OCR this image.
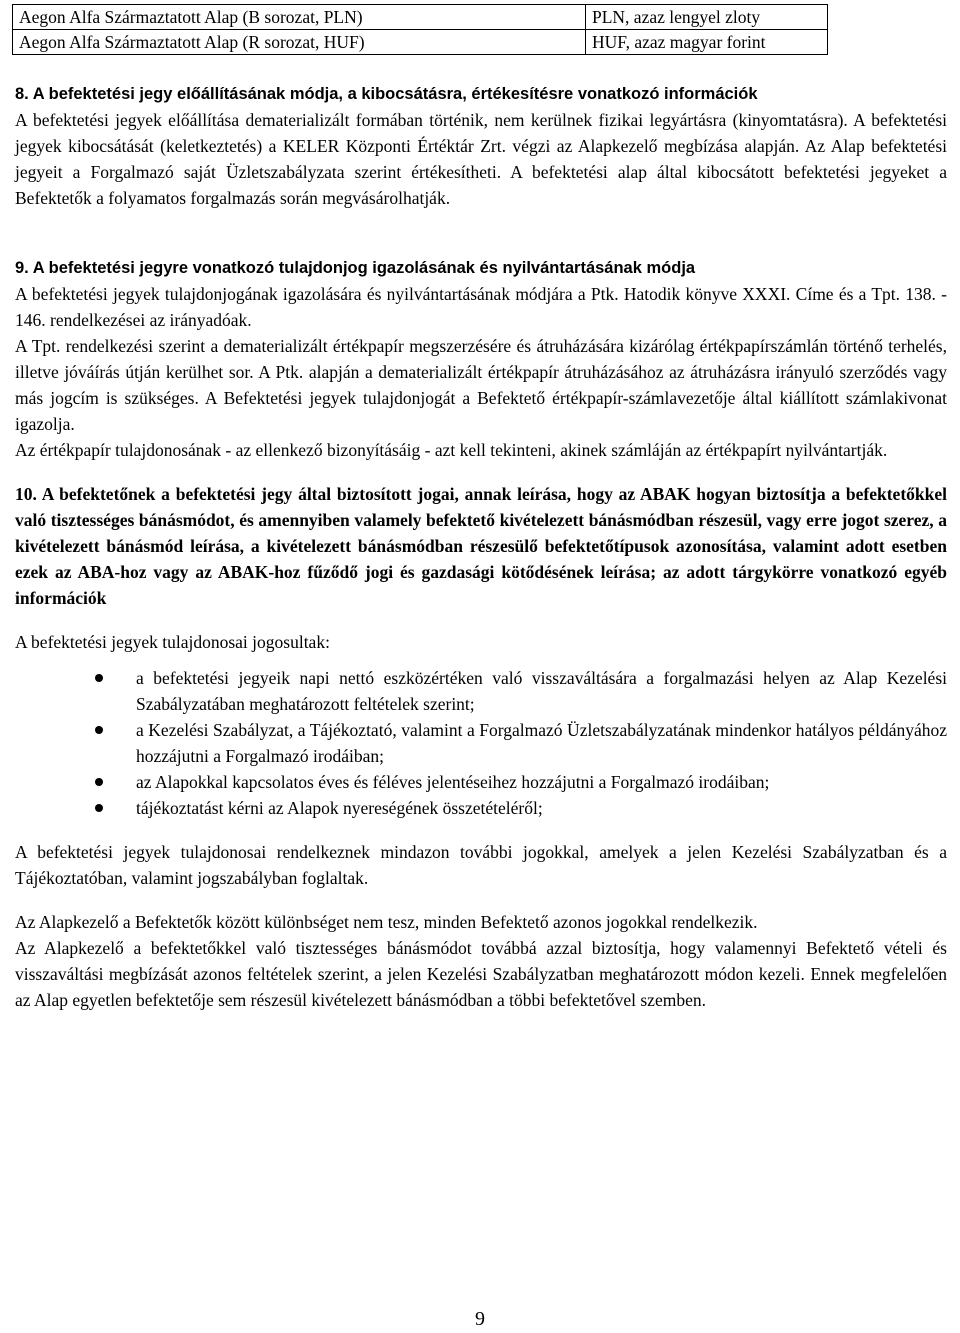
Aegon Alfa Származtatott Alap (B sorozat, PLN)	PLN, azaz lengyel zloty
Aegon Alfa Származtatott Alap (R sorozat, HUF)	HUF, azaz magyar forint

8. A befektetési jegy előállításának módja, a kibocsátásra, értékesítésre vonatkozó információk

A befektetési jegyek előállítása dematerializált formában történik, nem kerülnek fizikai legyártásra (kinyomtatásra). A befektetési jegyek kibocsátását (keletkeztetés) a KELER Központi Értéktár Zrt. végzi az Alapkezelő megbízása alapján. Az Alap befektetési jegyeit a Forgalmazó saját Üzletszabályzata szerint értékesítheti. A befektetési alap által kibocsátott befektetési jegyeket a Befektetők a folyamatos forgalmazás során megvásárolhatják.

9. A befektetési jegyre vonatkozó tulajdonjog igazolásának és nyilvántartásának módja

A befektetési jegyek tulajdonjogának igazolására és nyilvántartásának módjára a Ptk. Hatodik könyve XXXI. Címe és a Tpt. 138. - 146. rendelkezései az irányadóak.

A Tpt. rendelkezési szerint a dematerializált értékpapír megszerzésére és átruházására kizárólag értékpapírszámlán történő terhelés, illetve jóváírás útján kerülhet sor. A Ptk. alapján a dematerializált értékpapír átruházásához az átruházásra irányuló szerződés vagy más jogcím is szükséges. A Befektetési jegyek tulajdonjogát a Befektető értékpapír-számlavezetője által kiállított számlakivonat igazolja.

Az értékpapír tulajdonosának - az ellenkező bizonyításáig - azt kell tekinteni, akinek számláján az értékpapírt nyilvántartják.

10. A befektetőnek a befektetési jegy által biztosított jogai, annak leírása, hogy az ABAK hogyan biztosítja a befektetőkkel való tisztességes bánásmódot, és amennyiben valamely befektető kivételezett bánásmódban részesül, vagy erre jogot szerez, a kivételezett bánásmód leírása, a kivételezett bánásmódban részesülő befektetőtípusok azonosítása, valamint adott esetben ezek az ABA-hoz vagy az ABAK-hoz fűződő jogi és gazdasági kötődésének leírása; az adott tárgykörre vonatkozó egyéb információk

A befektetési jegyek tulajdonosai jogosultak:

a befektetési jegyeik napi nettó eszközértéken való visszaváltására a forgalmazási helyen az Alap Kezelési Szabályzatában meghatározott feltételek szerint;
a Kezelési Szabályzat, a Tájékoztató, valamint a Forgalmazó Üzletszabályzatának mindenkor hatályos példányához hozzájutni a Forgalmazó irodáiban;
az Alapokkal kapcsolatos éves és féléves jelentéseihez hozzájutni a Forgalmazó irodáiban;
tájékoztatást kérni az Alapok nyereségének összetételéről;

A befektetési jegyek tulajdonosai rendelkeznek mindazon további jogokkal, amelyek a jelen Kezelési Szabályzatban és a Tájékoztatóban, valamint jogszabályban foglaltak.

Az Alapkezelő a Befektetők között különbséget nem tesz, minden Befektető azonos jogokkal rendelkezik.

Az Alapkezelő a befektetőkkel való tisztességes bánásmódot továbbá azzal biztosítja, hogy valamennyi Befektető vételi és visszaváltási megbízását azonos feltételek szerint, a jelen Kezelési Szabályzatban meghatározott módon kezeli. Ennek megfelelően az Alap egyetlen befektetője sem részesül kivételezett bánásmódban a többi befektetővel szemben.

9
